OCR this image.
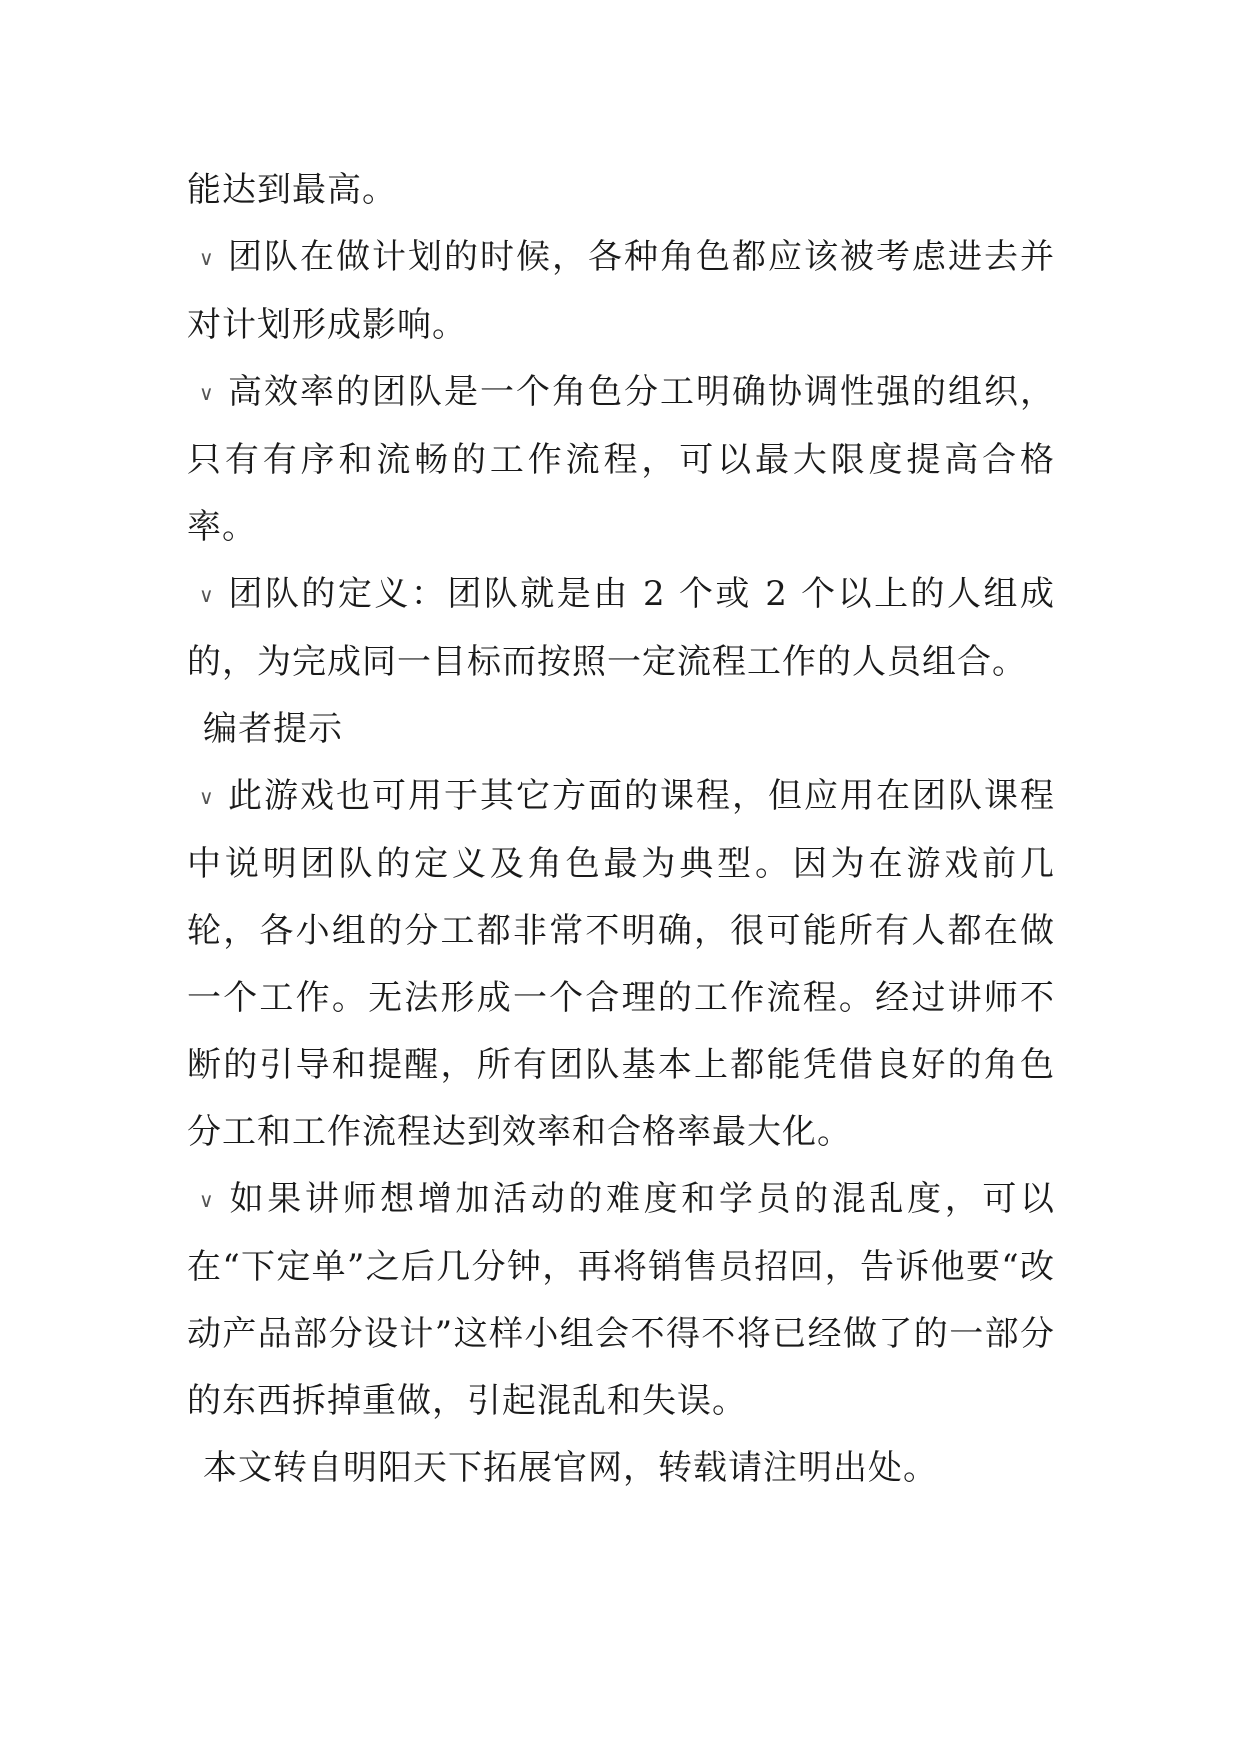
能达到最高。

∨ 团队在做计划的时候，各种角色都应该被考虑进去并对计划形成影响。

∨ 高效率的团队是一个角色分工明确协调性强的组织，只有有序和流畅的工作流程，可以最大限度提高合格率。

∨ 团队的定义：团队就是由 2 个或 2 个以上的人组成的，为完成同一目标而按照一定流程工作的人员组合。

编者提示

∨ 此游戏也可用于其它方面的课程，但应用在团队课程中说明团队的定义及角色最为典型。因为在游戏前几轮，各小组的分工都非常不明确，很可能所有人都在做一个工作。无法形成一个合理的工作流程。经过讲师不断的引导和提醒，所有团队基本上都能凭借良好的角色分工和工作流程达到效率和合格率最大化。

∨ 如果讲师想增加活动的难度和学员的混乱度，可以在“下定单”之后几分钟，再将销售员招回，告诉他要“改动产品部分设计”这样小组会不得不将已经做了的一部分的东西拆掉重做，引起混乱和失误。

本文转自明阳天下拓展官网，转载请注明出处。
